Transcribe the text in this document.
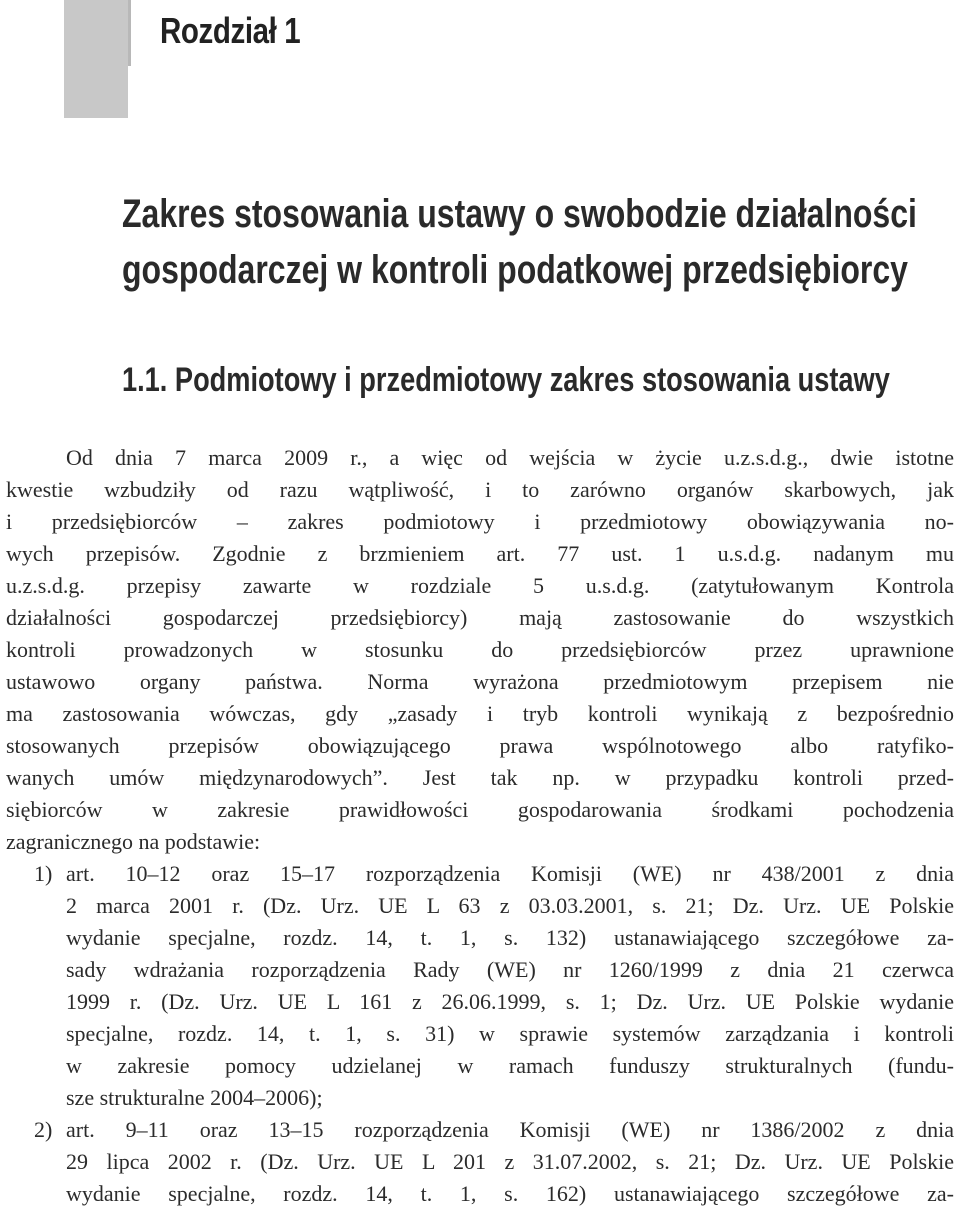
Rozdział 1
Zakres stosowania ustawy o swobodzie działalności
gospodarczej w kontroli podatkowej przedsiębiorcy
1.1. Podmiotowy i przedmiotowy zakres stosowania ustawy
Od dnia 7 marca 2009 r., a więc od wejścia w życie u.z.s.d.g., dwie istotne
kwestie wzbudziły od razu wątpliwość, i to zarówno organów skarbowych, jak
i przedsiębiorców – zakres podmiotowy i przedmiotowy obowiązywania no-
wych przepisów. Zgodnie z brzmieniem art. 77 ust. 1 u.s.d.g. nadanym mu
u.z.s.d.g. przepisy zawarte w rozdziale 5 u.s.d.g. (zatytułowanym Kontrola
działalności gospodarczej przedsiębiorcy) mają zastosowanie do wszystkich
kontroli prowadzonych w stosunku do przedsiębiorców przez uprawnione
ustawowo organy państwa. Norma wyrażona przedmiotowym przepisem nie
ma zastosowania wówczas, gdy „zasady i tryb kontroli wynikają z bezpośrednio
stosowanych przepisów obowiązującego prawa wspólnotowego albo ratyfiko-
wanych umów międzynarodowych”. Jest tak np. w przypadku kontroli przed-
siębiorców w zakresie prawidłowości gospodarowania środkami pochodzenia
zagranicznego na podstawie:
1) art. 10–12 oraz 15–17 rozporządzenia Komisji (WE) nr 438/2001 z dnia
2 marca 2001 r. (Dz. Urz. UE L 63 z 03.03.2001, s. 21; Dz. Urz. UE Polskie
wydanie specjalne, rozdz. 14, t. 1, s. 132) ustanawiającego szczegółowe za-
sady wdrażania rozporządzenia Rady (WE) nr 1260/1999 z dnia 21 czerwca
1999 r. (Dz. Urz. UE L 161 z 26.06.1999, s. 1; Dz. Urz. UE Polskie wydanie
specjalne, rozdz. 14, t. 1, s. 31) w sprawie systemów zarządzania i kontroli
w zakresie pomocy udzielanej w ramach funduszy strukturalnych (fundu-
sze strukturalne 2004–2006);
2) art. 9–11 oraz 13–15 rozporządzenia Komisji (WE) nr 1386/2002 z dnia
29 lipca 2002 r. (Dz. Urz. UE L 201 z 31.07.2002, s. 21; Dz. Urz. UE Polskie
wydanie specjalne, rozdz. 14, t. 1, s. 162) ustanawiającego szczegółowe za-
